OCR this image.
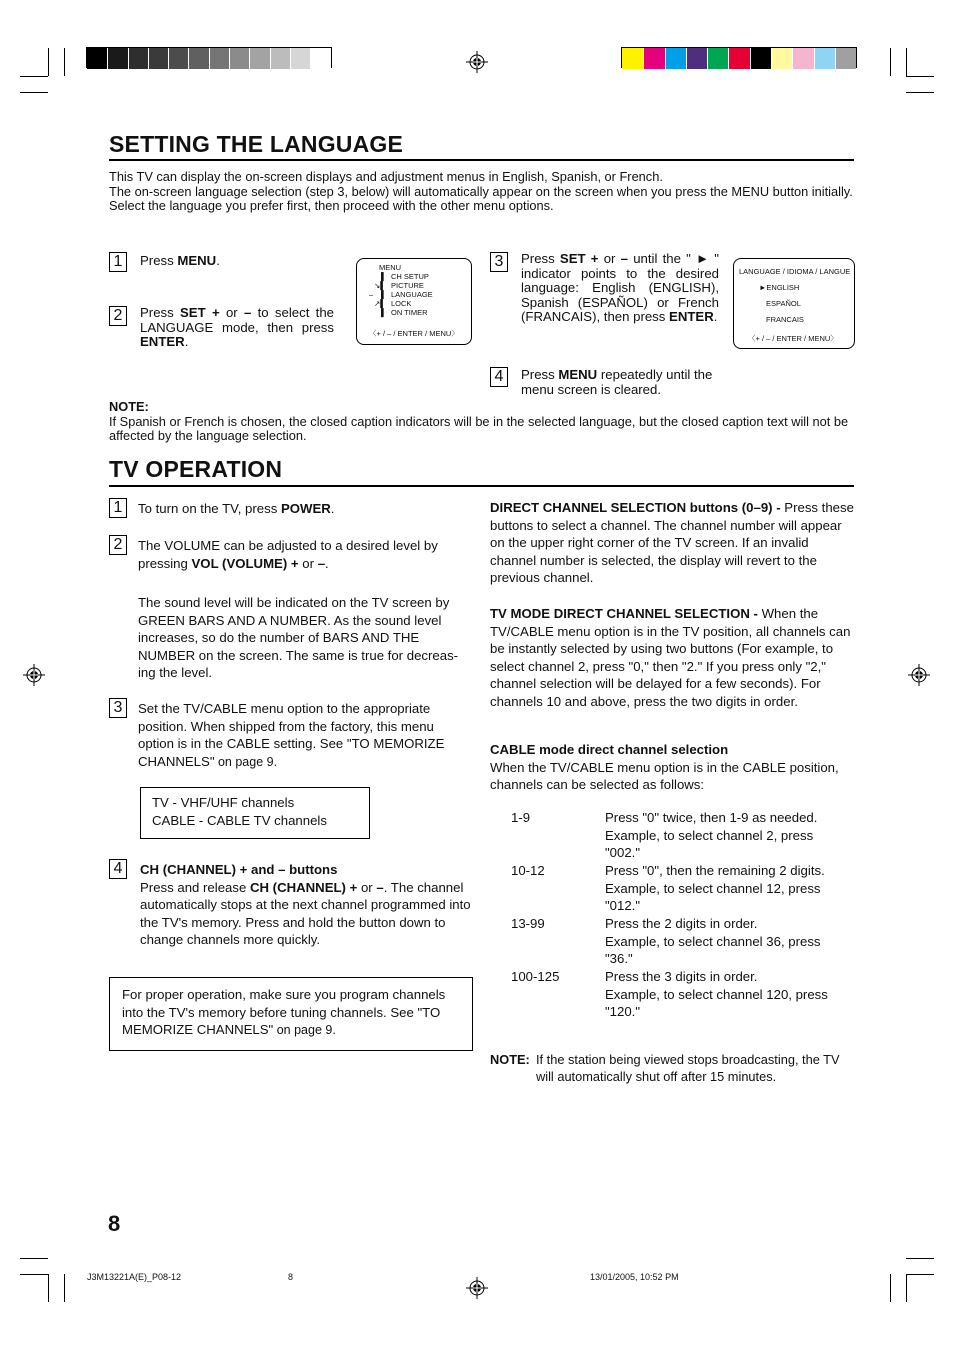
SETTING THE LANGUAGE
This TV can display the on-screen displays and adjustment menus in English, Spanish, or French.
The on-screen language selection (step 3, below) will automatically appear on the screen when you press the MENU button initially. Select the language you prefer first, then proceed with the other menu options.
1	Press MENU.
2	Press SET + or – to select the LANGUAGE mode, then press ENTER.
MENU
▌ CH SETUP
↘▌ PICTURE
– ▌ LANGUAGE
↗▌ LOCK
▌ ON TIMER
〈+ / – / ENTER / MENU〉
3	Press SET + or – until the " ► " indicator points to the desired language: English (ENGLISH), Spanish (ESPAÑOL) or French (FRANCAIS), then press ENTER.
LANGUAGE / IDIOMA / LANGUE
►ENGLISH
ESPAÑOL
FRANCAIS
〈+ / – / ENTER / MENU〉
4	Press MENU repeatedly until the menu screen is cleared.
NOTE:
If Spanish or French is chosen, the closed caption indicators will be in the selected language, but the closed caption text will not be affected by the language selection.
TV OPERATION
1	To turn on the TV, press POWER.
2	The VOLUME can be adjusted to a desired level by pressing VOL (VOLUME) + or –.
The sound level will be indicated on the TV screen by GREEN BARS AND A NUMBER. As the sound level increases, so do the number of BARS AND THE NUMBER on the screen. The same is true for decreas-ing the level.
3	Set the TV/CABLE menu option to the appropriate position. When shipped from the factory, this menu option is in the CABLE setting. See "TO MEMORIZE CHANNELS" on page 9.
TV - VHF/UHF channels
CABLE - CABLE TV channels
4	CH (CHANNEL) + and – buttons
Press and release CH (CHANNEL) + or –. The channel automatically stops at the next channel programmed into the TV's memory. Press and hold the button down to change channels more quickly.
For proper operation, make sure you program channels into the TV's memory before tuning channels. See "TO MEMORIZE CHANNELS" on page 9.
DIRECT CHANNEL SELECTION buttons (0–9) - Press these buttons to select a channel. The channel number will appear on the upper right corner of the TV screen. If an invalid channel number is selected, the display will revert to the previous channel.
TV MODE DIRECT CHANNEL SELECTION - When the TV/CABLE menu option is in the TV position, all channels can be instantly selected by using two buttons (For example, to select channel 2, press "0," then "2." If you press only "2," channel selection will be delayed for a few seconds). For channels 10 and above, press the two digits in order.
CABLE mode direct channel selection
When the TV/CABLE menu option is in the CABLE position, channels can be selected as follows:
1-9	Press "0" twice, then 1-9 as needed.
Example, to select channel 2, press
"002."
10-12	Press "0", then the remaining 2 digits.
Example, to select channel 12, press
"012."
13-99	Press the 2 digits in order.
Example, to select channel 36, press
"36."
100-125	Press the 3 digits in order.
Example, to select channel 120, press
"120."
NOTE: If the station being viewed stops broadcasting, the TV
will automatically shut off after 15 minutes.
8
J3M13221A(E)_P08-12	8	13/01/2005, 10:52 PM
